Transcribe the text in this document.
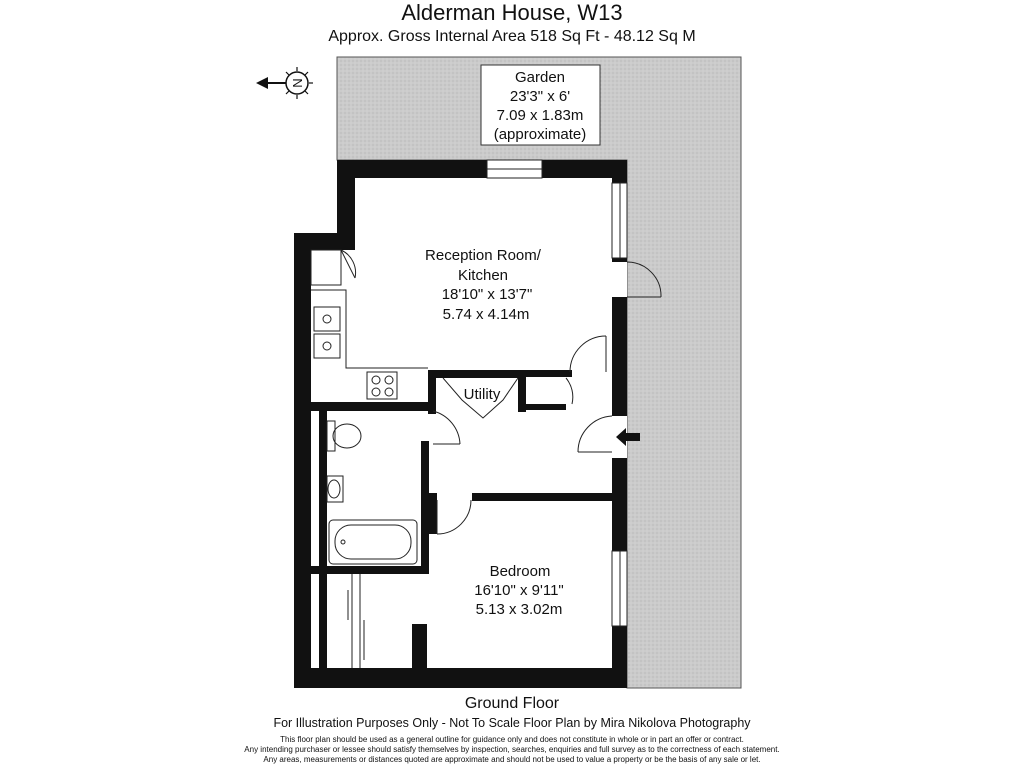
Alderman House, W13
Approx. Gross Internal Area 518 Sq Ft - 48.12 Sq M
Garden
23'3" x 6'
7.09 x 1.83m
(approximate)
N
Reception Room/
Kitchen
18'10" x 13'7"
5.74 x 4.14m
Utility
Bedroom
16'10" x 9'11"
5.13 x 3.02m
Ground Floor
For Illustration Purposes Only - Not To Scale Floor Plan by Mira Nikolova Photography
This floor plan should be used as a general outline for guidance only and does not constitute in whole or in part an offer or contract.
Any intending purchaser or lessee should satisfy themselves by inspection, searches, enquiries and full survey as to the correctness of each statement.
Any areas, measurements or distances quoted are approximate and should not be used to value a property or be the basis of any sale or let.
